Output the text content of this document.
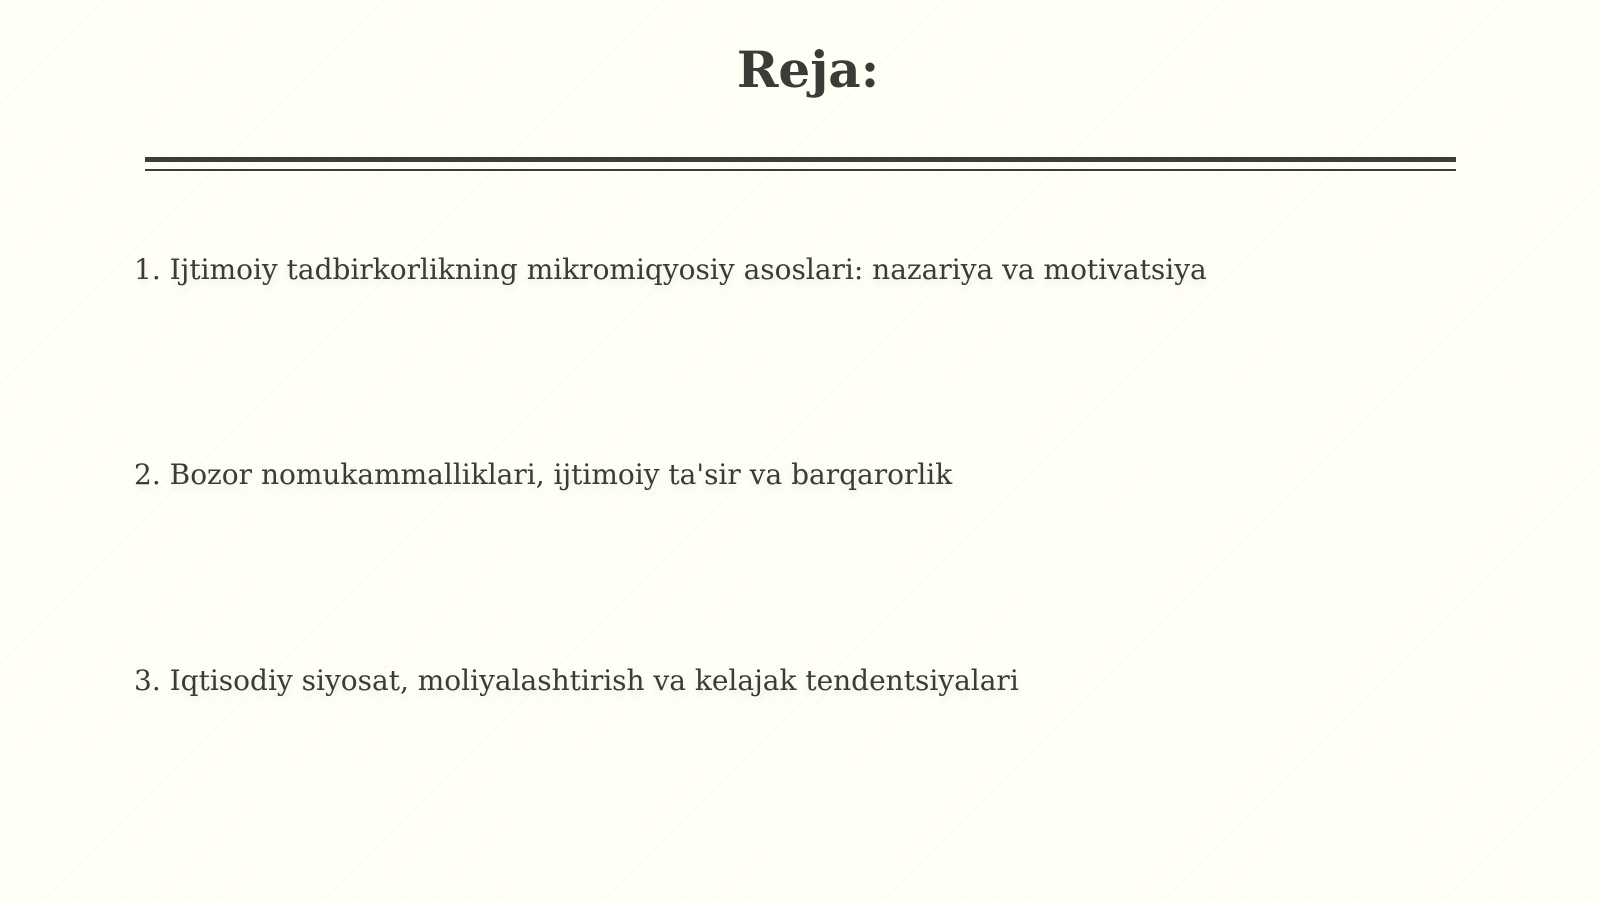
Reja:
1. Ijtimoiy tadbirkorlikning mikromiqyosiy asoslari: nazariya va motivatsiya
2. Bozor nomukammalliklari, ijtimoiy ta'sir va barqarorlik
3. Iqtisodiy siyosat, moliyalashtirish va kelajak tendentsiyalari
